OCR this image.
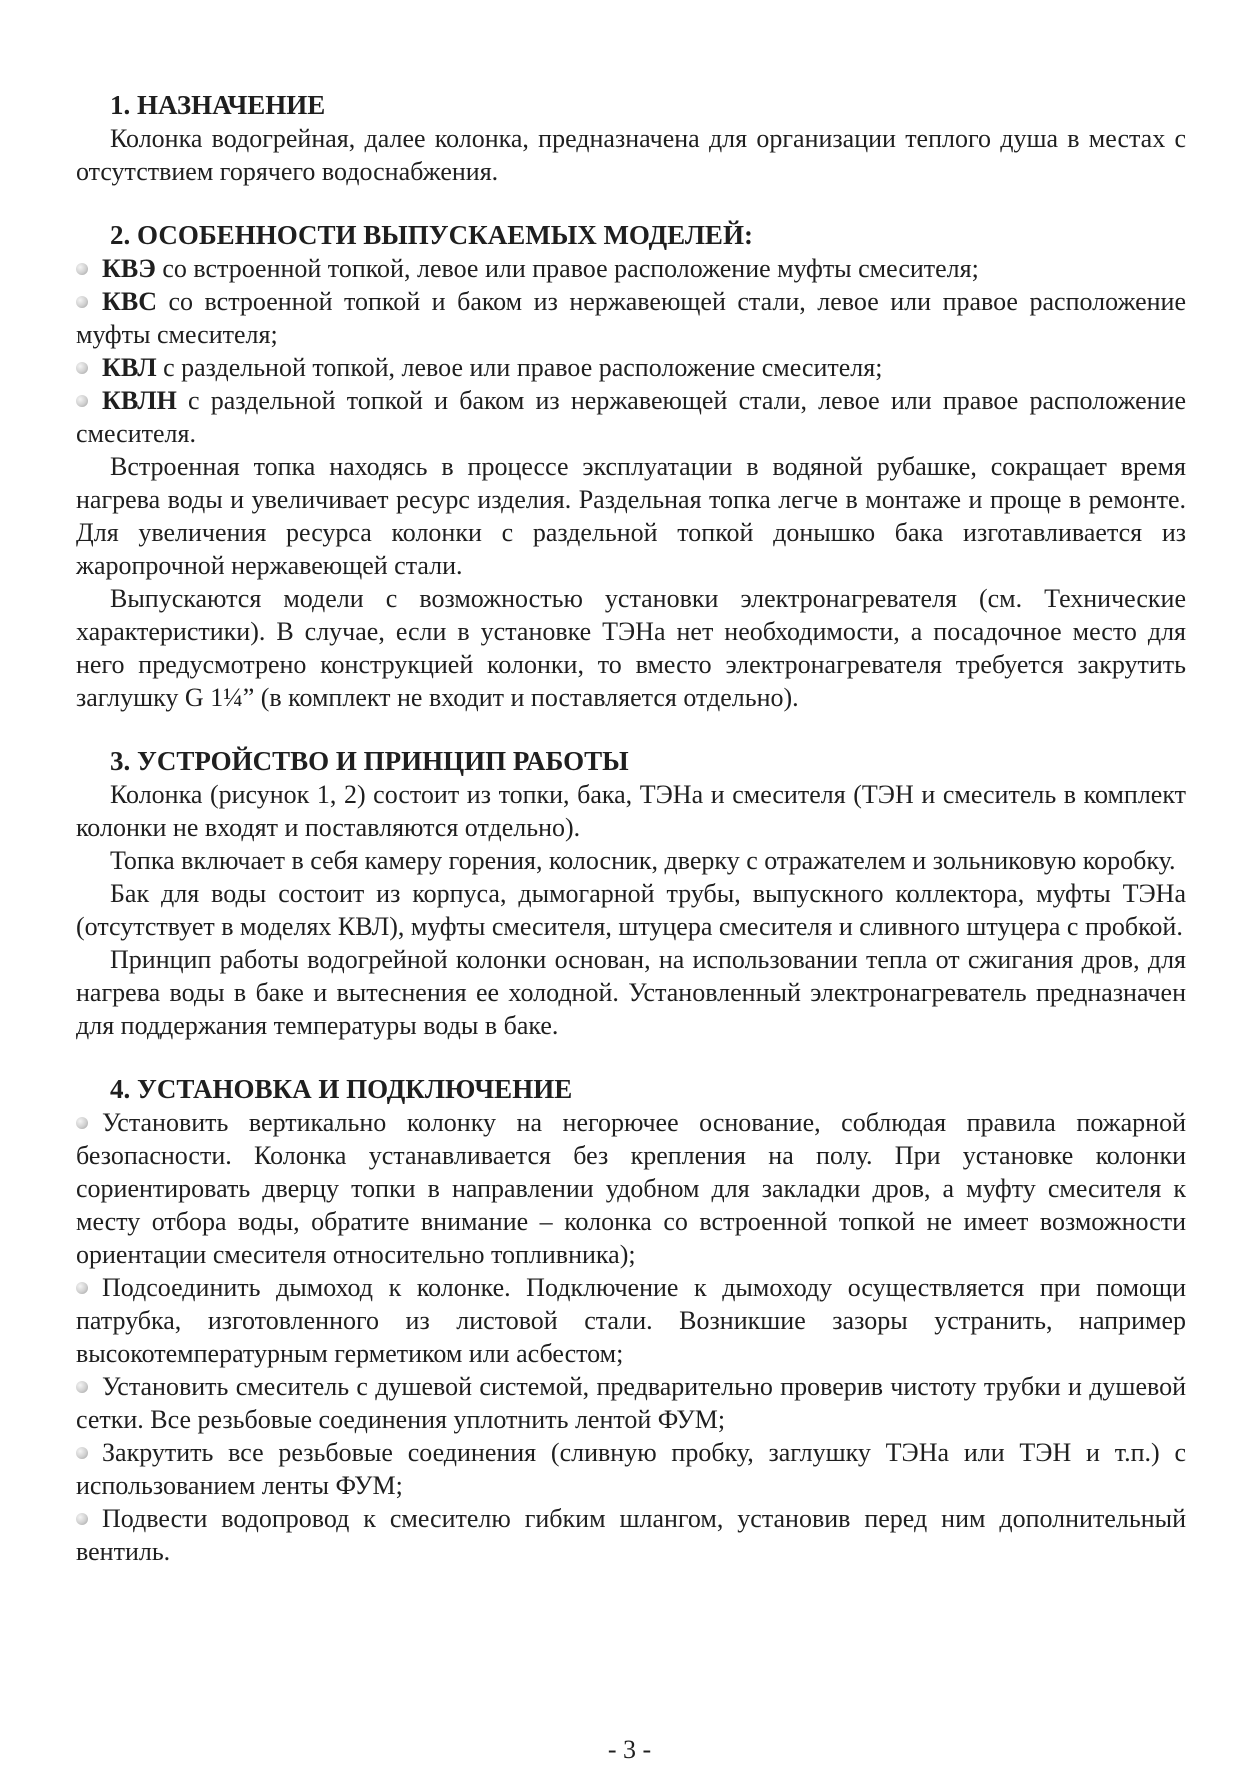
1. НАЗНАЧЕНИЕ

Колонка водогрейная, далее колонка, предназначена для организации теплого душа в местах с отсутствием горячего водоснабжения.

2. ОСОБЕННОСТИ ВЫПУСКАЕМЫХ МОДЕЛЕЙ:

КВЭ со встроенной топкой, левое или правое расположение муфты смесителя;

КВС со встроенной топкой и баком из нержавеющей стали, левое или правое расположение муфты смесителя;

КВЛ с раздельной топкой, левое или правое расположение смесителя;

КВЛН с раздельной топкой и баком из нержавеющей стали, левое или правое расположение смесителя.

Встроенная топка находясь в процессе эксплуатации в водяной рубашке, сокращает время нагрева воды и увеличивает ресурс изделия. Раздельная топка легче в монтаже и проще в ремонте. Для увеличения ресурса колонки с раздельной топкой донышко бака изготавливается из жаропрочной нержавеющей стали.

Выпускаются модели с возможностью установки электронагревателя (см. Технические характеристики). В случае, если в установке ТЭНа нет необходимости, а посадочное место для него предусмотрено конструкцией колонки, то вместо электронагревателя требуется закрутить заглушку G 1¼” (в комплект не входит и поставляется отдельно).

3. УСТРОЙСТВО И ПРИНЦИП РАБОТЫ

Колонка (рисунок 1, 2) состоит из топки, бака, ТЭНа и смесителя (ТЭН и смеситель в комплект колонки не входят и поставляются отдельно).

Топка включает в себя камеру горения, колосник, дверку с отражателем и зольниковую коробку.

Бак для воды состоит из корпуса, дымогарной трубы, выпускного коллектора, муфты ТЭНа (отсутствует в моделях КВЛ), муфты смесителя, штуцера смесителя и сливного штуцера с пробкой.

Принцип работы водогрейной колонки основан, на использовании тепла от сжигания дров, для нагрева воды в баке и вытеснения ее холодной. Установленный электронагреватель предназначен для поддержания температуры воды в баке.

4. УСТАНОВКА И ПОДКЛЮЧЕНИЕ

Установить вертикально колонку на негорючее основание, соблюдая правила пожарной безопасности. Колонка устанавливается без крепления на полу. При установке колонки сориентировать дверцу топки в направлении удобном для закладки дров, а муфту смесителя к месту отбора воды, обратите внимание – колонка со встроенной топкой не имеет возможности ориентации смесителя относительно топливника);

Подсоединить дымоход к колонке. Подключение к дымоходу осуществляется при помощи патрубка, изготовленного из листовой стали. Возникшие зазоры устранить, например высокотемпературным герметиком или асбестом;

Установить смеситель с душевой системой, предварительно проверив чистоту трубки и душевой сетки. Все резьбовые соединения уплотнить лентой ФУМ;

Закрутить все резьбовые соединения (сливную пробку, заглушку ТЭНа или ТЭН и т.п.) с использованием ленты ФУМ;

Подвести водопровод к смесителю гибким шлангом, установив перед ним дополнительный вентиль.

- 3 -
